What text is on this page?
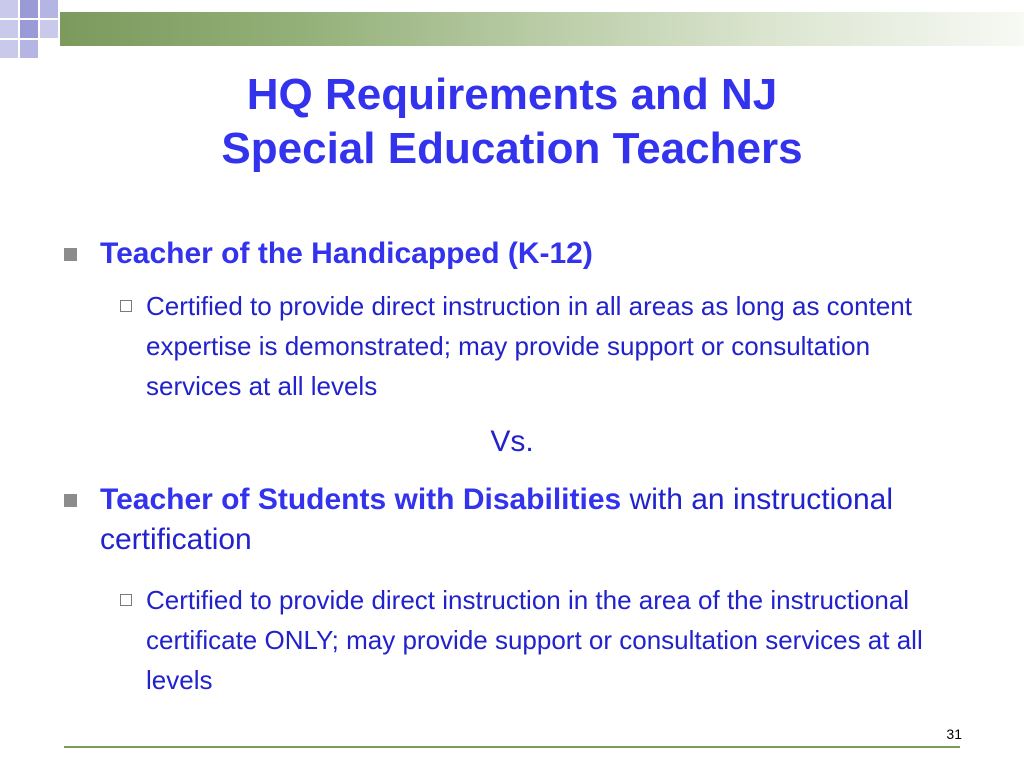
HQ Requirements and NJ
Special Education Teachers
Teacher of the Handicapped (K-12)
Certified to provide direct instruction in all areas as long as content expertise is demonstrated; may provide support or consultation services at all levels
Vs.
Teacher of Students with Disabilities with an instructional certification
Certified to provide direct instruction in the area of the instructional certificate ONLY; may provide support or consultation services at all levels
31
